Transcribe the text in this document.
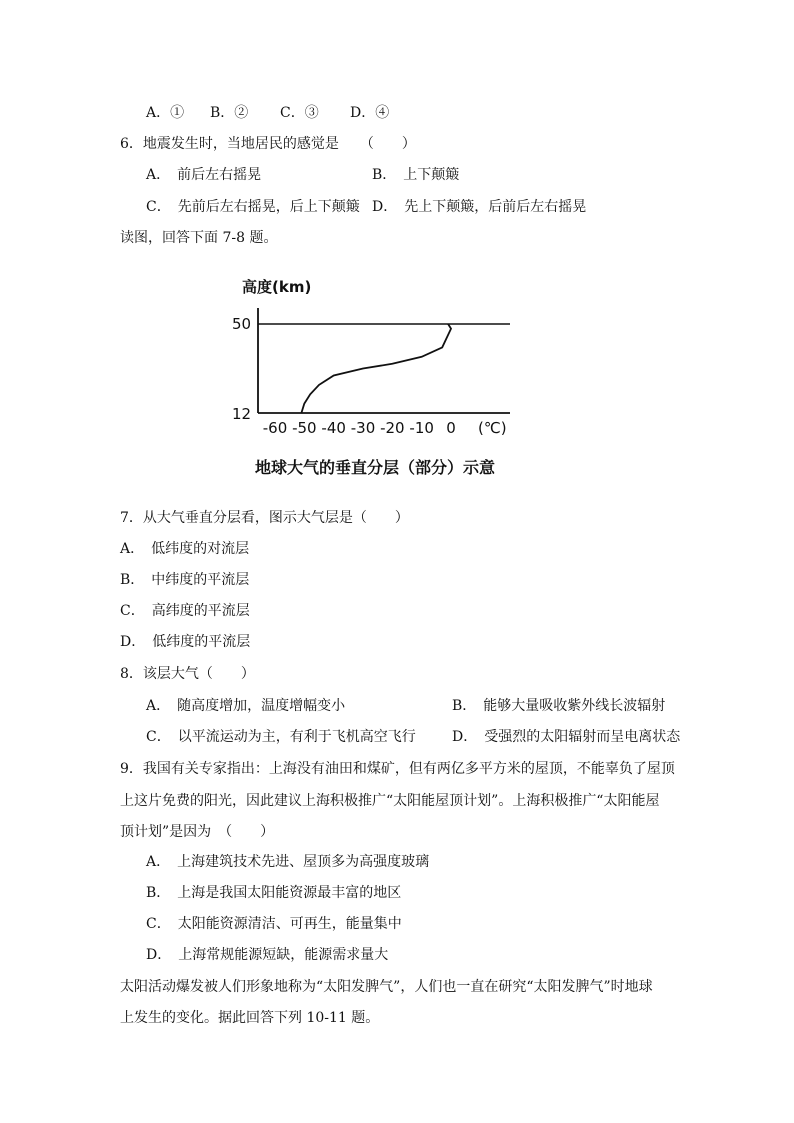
A．① B．② C．③ D．④
6．地震发生时，当地居民的感觉是　　（　　）
A．　前后左右摇晃	B．　上下颠簸
C．　先前后左右摇晃，后上下颠簸 D．　先上下颠簸，后前后左右摇晃
读图，回答下面 7-8 题。
高度(km)
50
12
-60 -50 -40 -30 -20 -10 0 (℃)
地球大气的垂直分层（部分）示意
7．从大气垂直分层看，图示大气层是（　　）
A．　低纬度的对流层
B．　中纬度的平流层
C．　高纬度的平流层
D．　低纬度的平流层
8．该层大气（　　）
A．　随高度增加，温度增幅变小	B．　能够大量吸收紫外线长波辐射
C．　以平流运动为主，有利于飞机高空飞行	D．　受强烈的太阳辐射而呈电离状态
9．我国有关专家指出：上海没有油田和煤矿，但有两亿多平方米的屋顶，不能辜负了屋顶
上这片免费的阳光，因此建议上海积极推广“太阳能屋顶计划”。上海积极推广“太阳能屋
顶计划”是因为　（　　）
A．　上海建筑技术先进、屋顶多为高强度玻璃
B．　上海是我国太阳能资源最丰富的地区
C．　太阳能资源清洁、可再生，能量集中
D．　上海常规能源短缺，能源需求量大
太阳活动爆发被人们形象地称为“太阳发脾气”，人们也一直在研究“太阳发脾气”时地球
上发生的变化。据此回答下列 10-11 题。
